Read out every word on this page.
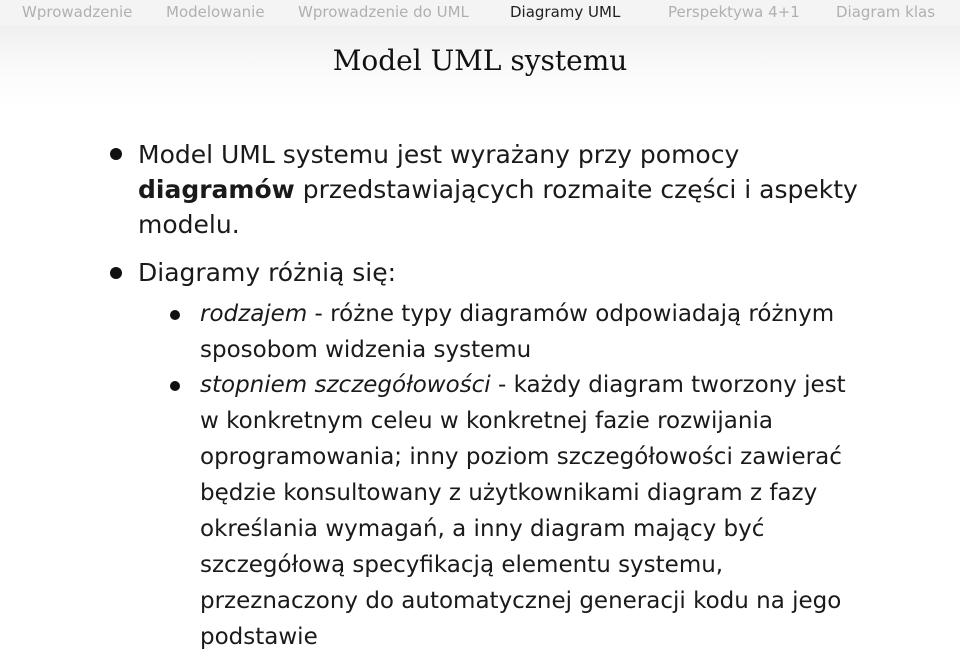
Wprowadzenie Modelowanie Wprowadzenie do UML	Diagramy UML	Perspektywa 4+1 Diagram klas
Model UML systemu
Model UML systemu jest wyrażany przy pomocy
diagramów przedstawiających rozmaite części i aspekty
modelu.
Diagramy różnią się:
rodzajem - różne typy diagramów odpowiadają różnym
sposobom widzenia systemu
stopniem szczegółowości - każdy diagram tworzony jest
w konkretnym celeu w konkretnej fazie rozwijania
oprogramowania; inny poziom szczegółowości zawierać
będzie konsultowany z użytkownikami diagram z fazy
określania wymagań, a inny diagram mający być
szczegółową specyfikacją elementu systemu,
przeznaczony do automatycznej generacji kodu na jego
podstawie
